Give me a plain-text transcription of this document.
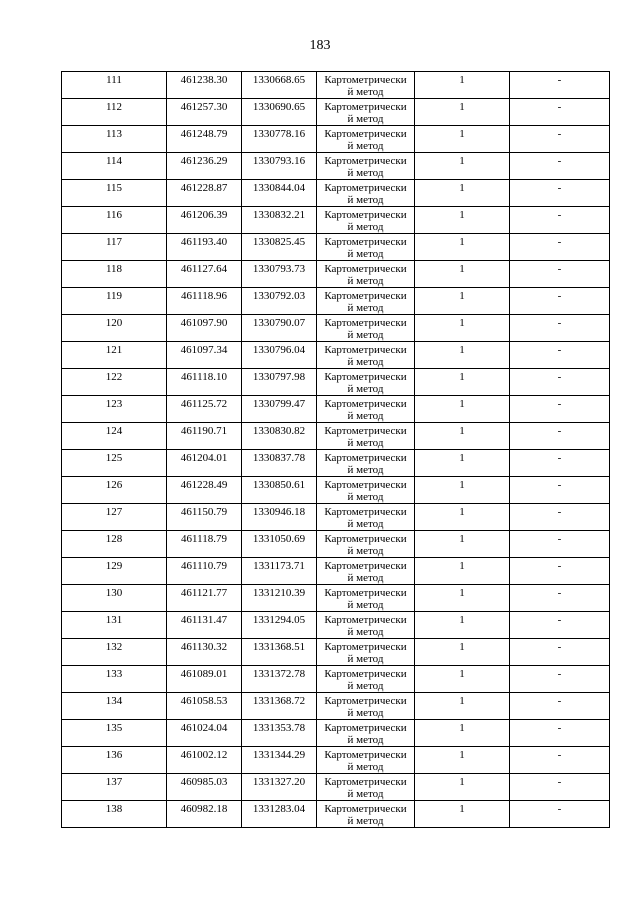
183
111	461238.30	1330668.65	Картометрически
й метод	1	-

112	461257.30	1330690.65	Картометрически
й метод	1	-

113	461248.79	1330778.16	Картометрически
й метод	1	-

114	461236.29	1330793.16	Картометрически
й метод	1	-

115	461228.87	1330844.04	Картометрически
й метод	1	-

116	461206.39	1330832.21	Картометрически
й метод	1	-

117	461193.40	1330825.45	Картометрически
й метод	1	-

118	461127.64	1330793.73	Картометрически
й метод	1	-

119	461118.96	1330792.03	Картометрически
й метод	1	-

120	461097.90	1330790.07	Картометрически
й метод	1	-

121	461097.34	1330796.04	Картометрически
й метод	1	-

122	461118.10	1330797.98	Картометрически
й метод	1	-

123	461125.72	1330799.47	Картометрически
й метод	1	-

124	461190.71	1330830.82	Картометрически
й метод	1	-

125	461204.01	1330837.78	Картометрически
й метод	1	-

126	461228.49	1330850.61	Картометрически
й метод	1	-

127	461150.79	1330946.18	Картометрически
й метод	1	-

128	461118.79	1331050.69	Картометрически
й метод	1	-

129	461110.79	1331173.71	Картометрически
й метод	1	-

130	461121.77	1331210.39	Картометрически
й метод	1	-

131	461131.47	1331294.05	Картометрически
й метод	1	-

132	461130.32	1331368.51	Картометрически
й метод	1	-

133	461089.01	1331372.78	Картометрически
й метод	1	-

134	461058.53	1331368.72	Картометрически
й метод	1	-

135	461024.04	1331353.78	Картометрически
й метод	1	-

136	461002.12	1331344.29	Картометрически
й метод	1	-

137	460985.03	1331327.20	Картометрически
й метод	1	-

138	460982.18	1331283.04	Картометрически
й метод	1	-
